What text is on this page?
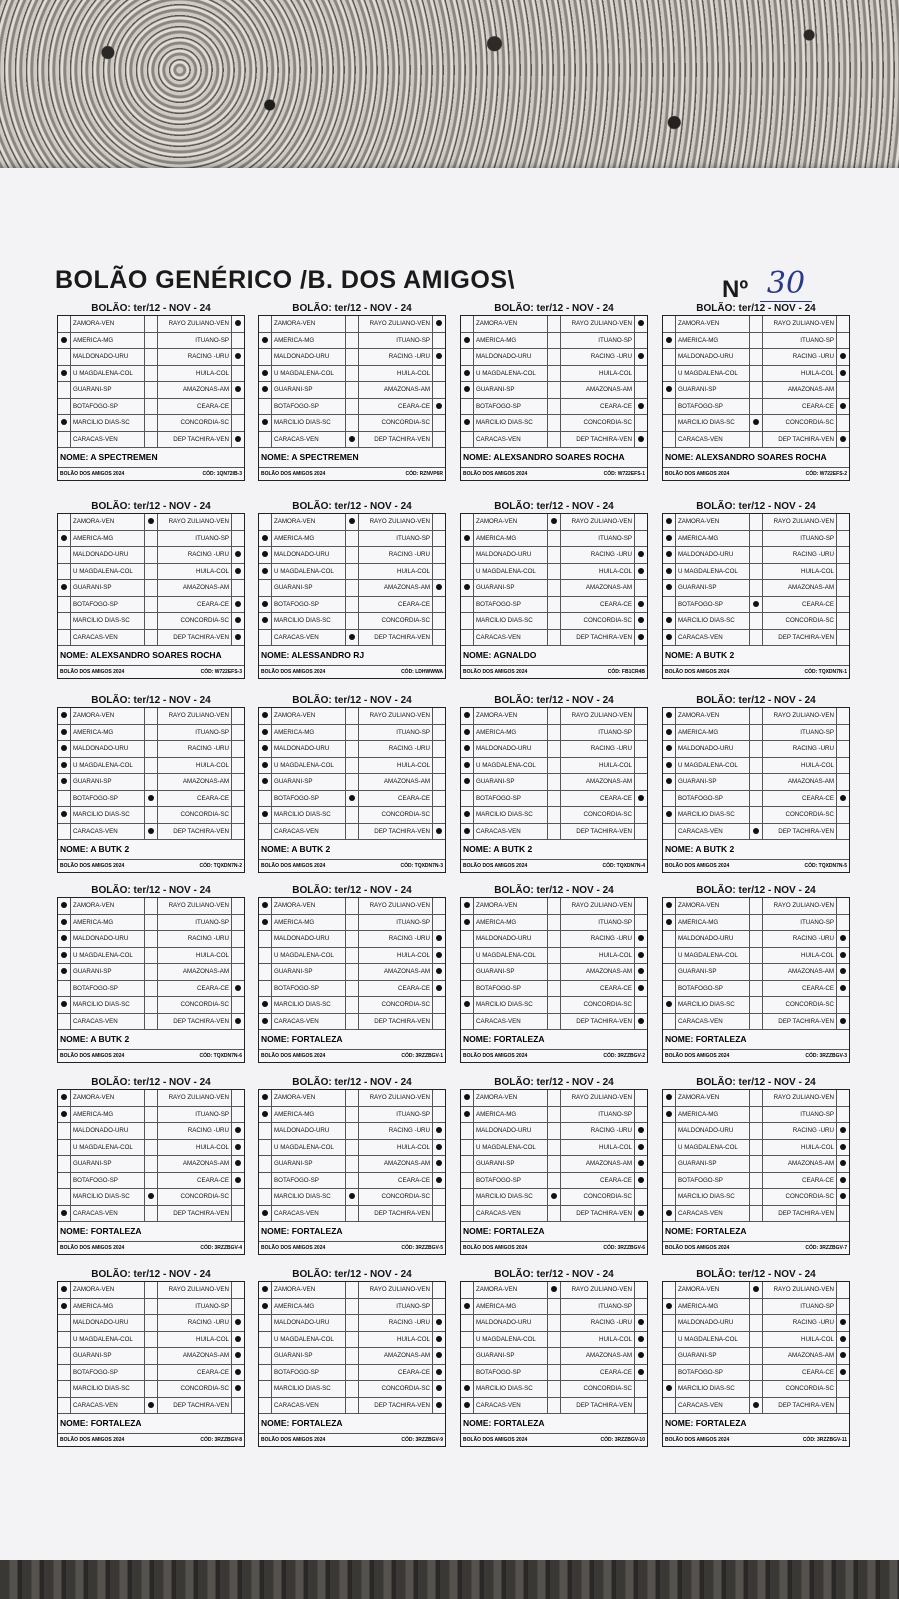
BOLÃO GENÉRICO /B. DOS AMIGOS\	Nº 30
BOLÃO: ter/12 - NOV - 24
ZAMORA-VEN	RAYO ZULIANO-VEN
AMERICA-MG	ITUANO-SP
MALDONADO-URU	RACING -URU
U MAGDALENA-COL	HUILA-COL
GUARANI-SP	AMAZONAS-AM
BOTAFOGO-SP	CEARA-CE
MARCILIO DIAS-SC	CONCORDIA-SC
CARACAS-VEN	DEP TACHIRA-VEN
NOME: A SPECTREMEN
BOLÃO DOS AMIGOS 2024	CÓD: 1QN72IB-3
BOLÃO: ter/12 - NOV - 24
ZAMORA-VEN	RAYO ZULIANO-VEN
AMERICA-MG	ITUANO-SP
MALDONADO-URU	RACING -URU
U MAGDALENA-COL	HUILA-COL
GUARANI-SP	AMAZONAS-AM
BOTAFOGO-SP	CEARA-CE
MARCILIO DIAS-SC	CONCORDIA-SC
CARACAS-VEN	DEP TACHIRA-VEN
NOME: A SPECTREMEN
BOLÃO DOS AMIGOS 2024	CÓD: RZNVP6R
BOLÃO: ter/12 - NOV - 24
ZAMORA-VEN	RAYO ZULIANO-VEN
AMERICA-MG	ITUANO-SP
MALDONADO-URU	RACING -URU
U MAGDALENA-COL	HUILA-COL
GUARANI-SP	AMAZONAS-AM
BOTAFOGO-SP	CEARA-CE
MARCILIO DIAS-SC	CONCORDIA-SC
CARACAS-VEN	DEP TACHIRA-VEN
NOME: ALEXSANDRO SOARES ROCHA
BOLÃO DOS AMIGOS 2024	CÓD: W722EFS-1
BOLÃO: ter/12 - NOV - 24
ZAMORA-VEN	RAYO ZULIANO-VEN
AMERICA-MG	ITUANO-SP
MALDONADO-URU	RACING -URU
U MAGDALENA-COL	HUILA-COL
GUARANI-SP	AMAZONAS-AM
BOTAFOGO-SP	CEARA-CE
MARCILIO DIAS-SC	CONCORDIA-SC
CARACAS-VEN	DEP TACHIRA-VEN
NOME: ALEXSANDRO SOARES ROCHA
BOLÃO DOS AMIGOS 2024	CÓD: W722EFS-2
BOLÃO: ter/12 - NOV - 24
ZAMORA-VEN	RAYO ZULIANO-VEN
AMERICA-MG	ITUANO-SP
MALDONADO-URU	RACING -URU
U MAGDALENA-COL	HUILA-COL
GUARANI-SP	AMAZONAS-AM
BOTAFOGO-SP	CEARA-CE
MARCILIO DIAS-SC	CONCORDIA-SC
CARACAS-VEN	DEP TACHIRA-VEN
NOME: ALEXSANDRO SOARES ROCHA
BOLÃO DOS AMIGOS 2024	CÓD: W722EFS-3
BOLÃO: ter/12 - NOV - 24
ZAMORA-VEN	RAYO ZULIANO-VEN
AMERICA-MG	ITUANO-SP
MALDONADO-URU	RACING -URU
U MAGDALENA-COL	HUILA-COL
GUARANI-SP	AMAZONAS-AM
BOTAFOGO-SP	CEARA-CE
MARCILIO DIAS-SC	CONCORDIA-SC
CARACAS-VEN	DEP TACHIRA-VEN
NOME: ALESSANDRO RJ
BOLÃO DOS AMIGOS 2024	CÓD: LDHWWWA
BOLÃO: ter/12 - NOV - 24
ZAMORA-VEN	RAYO ZULIANO-VEN
AMERICA-MG	ITUANO-SP
MALDONADO-URU	RACING -URU
U MAGDALENA-COL	HUILA-COL
GUARANI-SP	AMAZONAS-AM
BOTAFOGO-SP	CEARA-CE
MARCILIO DIAS-SC	CONCORDIA-SC
CARACAS-VEN	DEP TACHIRA-VEN
NOME: AGNALDO
BOLÃO DOS AMIGOS 2024	CÓD: FB1CR4B
BOLÃO: ter/12 - NOV - 24
ZAMORA-VEN	RAYO ZULIANO-VEN
AMERICA-MG	ITUANO-SP
MALDONADO-URU	RACING -URU
U MAGDALENA-COL	HUILA-COL
GUARANI-SP	AMAZONAS-AM
BOTAFOGO-SP	CEARA-CE
MARCILIO DIAS-SC	CONCORDIA-SC
CARACAS-VEN	DEP TACHIRA-VEN
NOME: A BUTK 2
BOLÃO DOS AMIGOS 2024	CÓD: TQXDN7N-1
BOLÃO: ter/12 - NOV - 24
ZAMORA-VEN	RAYO ZULIANO-VEN
AMERICA-MG	ITUANO-SP
MALDONADO-URU	RACING -URU
U MAGDALENA-COL	HUILA-COL
GUARANI-SP	AMAZONAS-AM
BOTAFOGO-SP	CEARA-CE
MARCILIO DIAS-SC	CONCORDIA-SC
CARACAS-VEN	DEP TACHIRA-VEN
NOME: A BUTK 2
BOLÃO DOS AMIGOS 2024	CÓD: TQXDN7N-2
BOLÃO: ter/12 - NOV - 24
ZAMORA-VEN	RAYO ZULIANO-VEN
AMERICA-MG	ITUANO-SP
MALDONADO-URU	RACING -URU
U MAGDALENA-COL	HUILA-COL
GUARANI-SP	AMAZONAS-AM
BOTAFOGO-SP	CEARA-CE
MARCILIO DIAS-SC	CONCORDIA-SC
CARACAS-VEN	DEP TACHIRA-VEN
NOME: A BUTK 2
BOLÃO DOS AMIGOS 2024	CÓD: TQXDN7N-3
BOLÃO: ter/12 - NOV - 24
ZAMORA-VEN	RAYO ZULIANO-VEN
AMERICA-MG	ITUANO-SP
MALDONADO-URU	RACING -URU
U MAGDALENA-COL	HUILA-COL
GUARANI-SP	AMAZONAS-AM
BOTAFOGO-SP	CEARA-CE
MARCILIO DIAS-SC	CONCORDIA-SC
CARACAS-VEN	DEP TACHIRA-VEN
NOME: A BUTK 2
BOLÃO DOS AMIGOS 2024	CÓD: TQXDN7N-4
BOLÃO: ter/12 - NOV - 24
ZAMORA-VEN	RAYO ZULIANO-VEN
AMERICA-MG	ITUANO-SP
MALDONADO-URU	RACING -URU
U MAGDALENA-COL	HUILA-COL
GUARANI-SP	AMAZONAS-AM
BOTAFOGO-SP	CEARA-CE
MARCILIO DIAS-SC	CONCORDIA-SC
CARACAS-VEN	DEP TACHIRA-VEN
NOME: A BUTK 2
BOLÃO DOS AMIGOS 2024	CÓD: TQXDN7N-5
BOLÃO: ter/12 - NOV - 24
ZAMORA-VEN	RAYO ZULIANO-VEN
AMERICA-MG	ITUANO-SP
MALDONADO-URU	RACING -URU
U MAGDALENA-COL	HUILA-COL
GUARANI-SP	AMAZONAS-AM
BOTAFOGO-SP	CEARA-CE
MARCILIO DIAS-SC	CONCORDIA-SC
CARACAS-VEN	DEP TACHIRA-VEN
NOME: A BUTK 2
BOLÃO DOS AMIGOS 2024	CÓD: TQXDN7N-6
BOLÃO: ter/12 - NOV - 24
ZAMORA-VEN	RAYO ZULIANO-VEN
AMERICA-MG	ITUANO-SP
MALDONADO-URU	RACING -URU
U MAGDALENA-COL	HUILA-COL
GUARANI-SP	AMAZONAS-AM
BOTAFOGO-SP	CEARA-CE
MARCILIO DIAS-SC	CONCORDIA-SC
CARACAS-VEN	DEP TACHIRA-VEN
NOME: FORTALEZA
BOLÃO DOS AMIGOS 2024	CÓD: 3RZZBGV-1
BOLÃO: ter/12 - NOV - 24
ZAMORA-VEN	RAYO ZULIANO-VEN
AMERICA-MG	ITUANO-SP
MALDONADO-URU	RACING -URU
U MAGDALENA-COL	HUILA-COL
GUARANI-SP	AMAZONAS-AM
BOTAFOGO-SP	CEARA-CE
MARCILIO DIAS-SC	CONCORDIA-SC
CARACAS-VEN	DEP TACHIRA-VEN
NOME: FORTALEZA
BOLÃO DOS AMIGOS 2024	CÓD: 3RZZBGV-2
BOLÃO: ter/12 - NOV - 24
ZAMORA-VEN	RAYO ZULIANO-VEN
AMERICA-MG	ITUANO-SP
MALDONADO-URU	RACING -URU
U MAGDALENA-COL	HUILA-COL
GUARANI-SP	AMAZONAS-AM
BOTAFOGO-SP	CEARA-CE
MARCILIO DIAS-SC	CONCORDIA-SC
CARACAS-VEN	DEP TACHIRA-VEN
NOME: FORTALEZA
BOLÃO DOS AMIGOS 2024	CÓD: 3RZZBGV-3
BOLÃO: ter/12 - NOV - 24
ZAMORA-VEN	RAYO ZULIANO-VEN
AMERICA-MG	ITUANO-SP
MALDONADO-URU	RACING -URU
U MAGDALENA-COL	HUILA-COL
GUARANI-SP	AMAZONAS-AM
BOTAFOGO-SP	CEARA-CE
MARCILIO DIAS-SC	CONCORDIA-SC
CARACAS-VEN	DEP TACHIRA-VEN
NOME: FORTALEZA
BOLÃO DOS AMIGOS 2024	CÓD: 3RZZBGV-4
BOLÃO: ter/12 - NOV - 24
ZAMORA-VEN	RAYO ZULIANO-VEN
AMERICA-MG	ITUANO-SP
MALDONADO-URU	RACING -URU
U MAGDALENA-COL	HUILA-COL
GUARANI-SP	AMAZONAS-AM
BOTAFOGO-SP	CEARA-CE
MARCILIO DIAS-SC	CONCORDIA-SC
CARACAS-VEN	DEP TACHIRA-VEN
NOME: FORTALEZA
BOLÃO DOS AMIGOS 2024	CÓD: 3RZZBGV-5
BOLÃO: ter/12 - NOV - 24
ZAMORA-VEN	RAYO ZULIANO-VEN
AMERICA-MG	ITUANO-SP
MALDONADO-URU	RACING -URU
U MAGDALENA-COL	HUILA-COL
GUARANI-SP	AMAZONAS-AM
BOTAFOGO-SP	CEARA-CE
MARCILIO DIAS-SC	CONCORDIA-SC
CARACAS-VEN	DEP TACHIRA-VEN
NOME: FORTALEZA
BOLÃO DOS AMIGOS 2024	CÓD: 3RZZBGV-6
BOLÃO: ter/12 - NOV - 24
ZAMORA-VEN	RAYO ZULIANO-VEN
AMERICA-MG	ITUANO-SP
MALDONADO-URU	RACING -URU
U MAGDALENA-COL	HUILA-COL
GUARANI-SP	AMAZONAS-AM
BOTAFOGO-SP	CEARA-CE
MARCILIO DIAS-SC	CONCORDIA-SC
CARACAS-VEN	DEP TACHIRA-VEN
NOME: FORTALEZA
BOLÃO DOS AMIGOS 2024	CÓD: 3RZZBGV-7
BOLÃO: ter/12 - NOV - 24
ZAMORA-VEN	RAYO ZULIANO-VEN
AMERICA-MG	ITUANO-SP
MALDONADO-URU	RACING -URU
U MAGDALENA-COL	HUILA-COL
GUARANI-SP	AMAZONAS-AM
BOTAFOGO-SP	CEARA-CE
MARCILIO DIAS-SC	CONCORDIA-SC
CARACAS-VEN	DEP TACHIRA-VEN
NOME: FORTALEZA
BOLÃO DOS AMIGOS 2024	CÓD: 3RZZBGV-8
BOLÃO: ter/12 - NOV - 24
ZAMORA-VEN	RAYO ZULIANO-VEN
AMERICA-MG	ITUANO-SP
MALDONADO-URU	RACING -URU
U MAGDALENA-COL	HUILA-COL
GUARANI-SP	AMAZONAS-AM
BOTAFOGO-SP	CEARA-CE
MARCILIO DIAS-SC	CONCORDIA-SC
CARACAS-VEN	DEP TACHIRA-VEN
NOME: FORTALEZA
BOLÃO DOS AMIGOS 2024	CÓD: 3RZZBGV-9
BOLÃO: ter/12 - NOV - 24
ZAMORA-VEN	RAYO ZULIANO-VEN
AMERICA-MG	ITUANO-SP
MALDONADO-URU	RACING -URU
U MAGDALENA-COL	HUILA-COL
GUARANI-SP	AMAZONAS-AM
BOTAFOGO-SP	CEARA-CE
MARCILIO DIAS-SC	CONCORDIA-SC
CARACAS-VEN	DEP TACHIRA-VEN
NOME: FORTALEZA
BOLÃO DOS AMIGOS 2024	CÓD: 3RZZBGV-10
BOLÃO: ter/12 - NOV - 24
ZAMORA-VEN	RAYO ZULIANO-VEN
AMERICA-MG	ITUANO-SP
MALDONADO-URU	RACING -URU
U MAGDALENA-COL	HUILA-COL
GUARANI-SP	AMAZONAS-AM
BOTAFOGO-SP	CEARA-CE
MARCILIO DIAS-SC	CONCORDIA-SC
CARACAS-VEN	DEP TACHIRA-VEN
NOME: FORTALEZA
BOLÃO DOS AMIGOS 2024	CÓD: 3RZZBGV-11
